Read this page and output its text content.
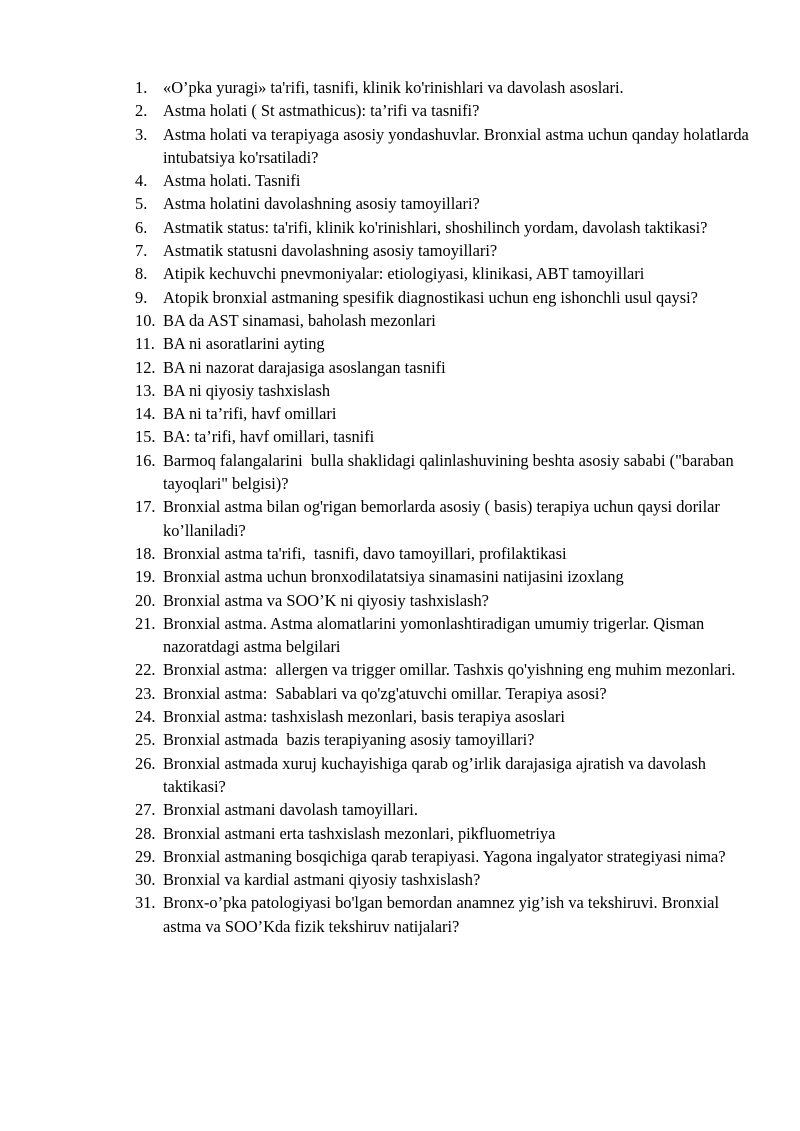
1. «O’pka yuragi» ta'rifi, tasnifi, klinik ko'rinishlari va davolash asoslari.
2. Astma holati ( St astmathicus): ta’rifi va tasnifi?
3. Astma holati va terapiyaga asosiy yondashuvlar. Bronxial astma uchun qanday holatlarda intubatsiya ko'rsatiladi?
4. Astma holati. Tasnifi
5. Astma holatini davolashning asosiy tamoyillari?
6. Astmatik status: ta'rifi, klinik ko'rinishlari, shoshilinch yordam, davolash taktikasi?
7. Astmatik statusni davolashning asosiy tamoyillari?
8. Atipik kechuvchi pnevmoniyalar: etiologiyasi, klinikasi, ABT tamoyillari
9. Atopik bronxial astmaning spesifik diagnostikasi uchun eng ishonchli usul qaysi?
10. BA da AST sinamasi, baholash mezonlari
11. BA ni asoratlarini ayting
12. BA ni nazorat darajasiga asoslangan tasnifi
13. BA ni qiyosiy tashxislash
14. BA ni ta’rifi, havf omillari
15. BA: ta’rifi, havf omillari, tasnifi
16. Barmoq falangalarini  bulla shaklidagi qalinlashuvining beshta asosiy sababi ("baraban tayoqlari" belgisi)?
17. Bronxial astma bilan og'rigan bemorlarda asosiy ( basis) terapiya uchun qaysi dorilar ko’llaniladi?
18. Bronxial astma ta'rifi,  tasnifi, davo tamoyillari, profilaktikasi
19. Bronxial astma uchun bronxodilatatsiya sinamasini natijasini izoxlang
20. Bronxial astma va SOO’K ni qiyosiy tashxislash?
21. Bronxial astma. Astma alomatlarini yomonlashtiradigan umumiy trigerlar. Qisman nazoratdagi astma belgilari
22. Bronxial astma:  allergen va trigger omillar. Tashxis qo'yishning eng muhim mezonlari.
23. Bronxial astma:  Sabablari va qo'zg'atuvchi omillar. Terapiya asosi?
24. Bronxial astma: tashxislash mezonlari, basis terapiya asoslari
25. Bronxial astmada  bazis terapiyaning asosiy tamoyillari?
26. Bronxial astmada xuruj kuchayishiga qarab og’irlik darajasiga ajratish va davolash taktikasi?
27. Bronxial astmani davolash tamoyillari.
28. Bronxial astmani erta tashxislash mezonlari, pikfluometriya
29. Bronxial astmaning bosqichiga qarab terapiyasi. Yagona ingalyator strategiyasi nima?
30. Bronxial va kardial astmani qiyosiy tashxislash?
31. Bronx-o’pka patologiyasi bo'lgan bemordan anamnez yig’ish va tekshiruvi. Bronxial astma va SOO’Kda fizik tekshiruv natijalari?
